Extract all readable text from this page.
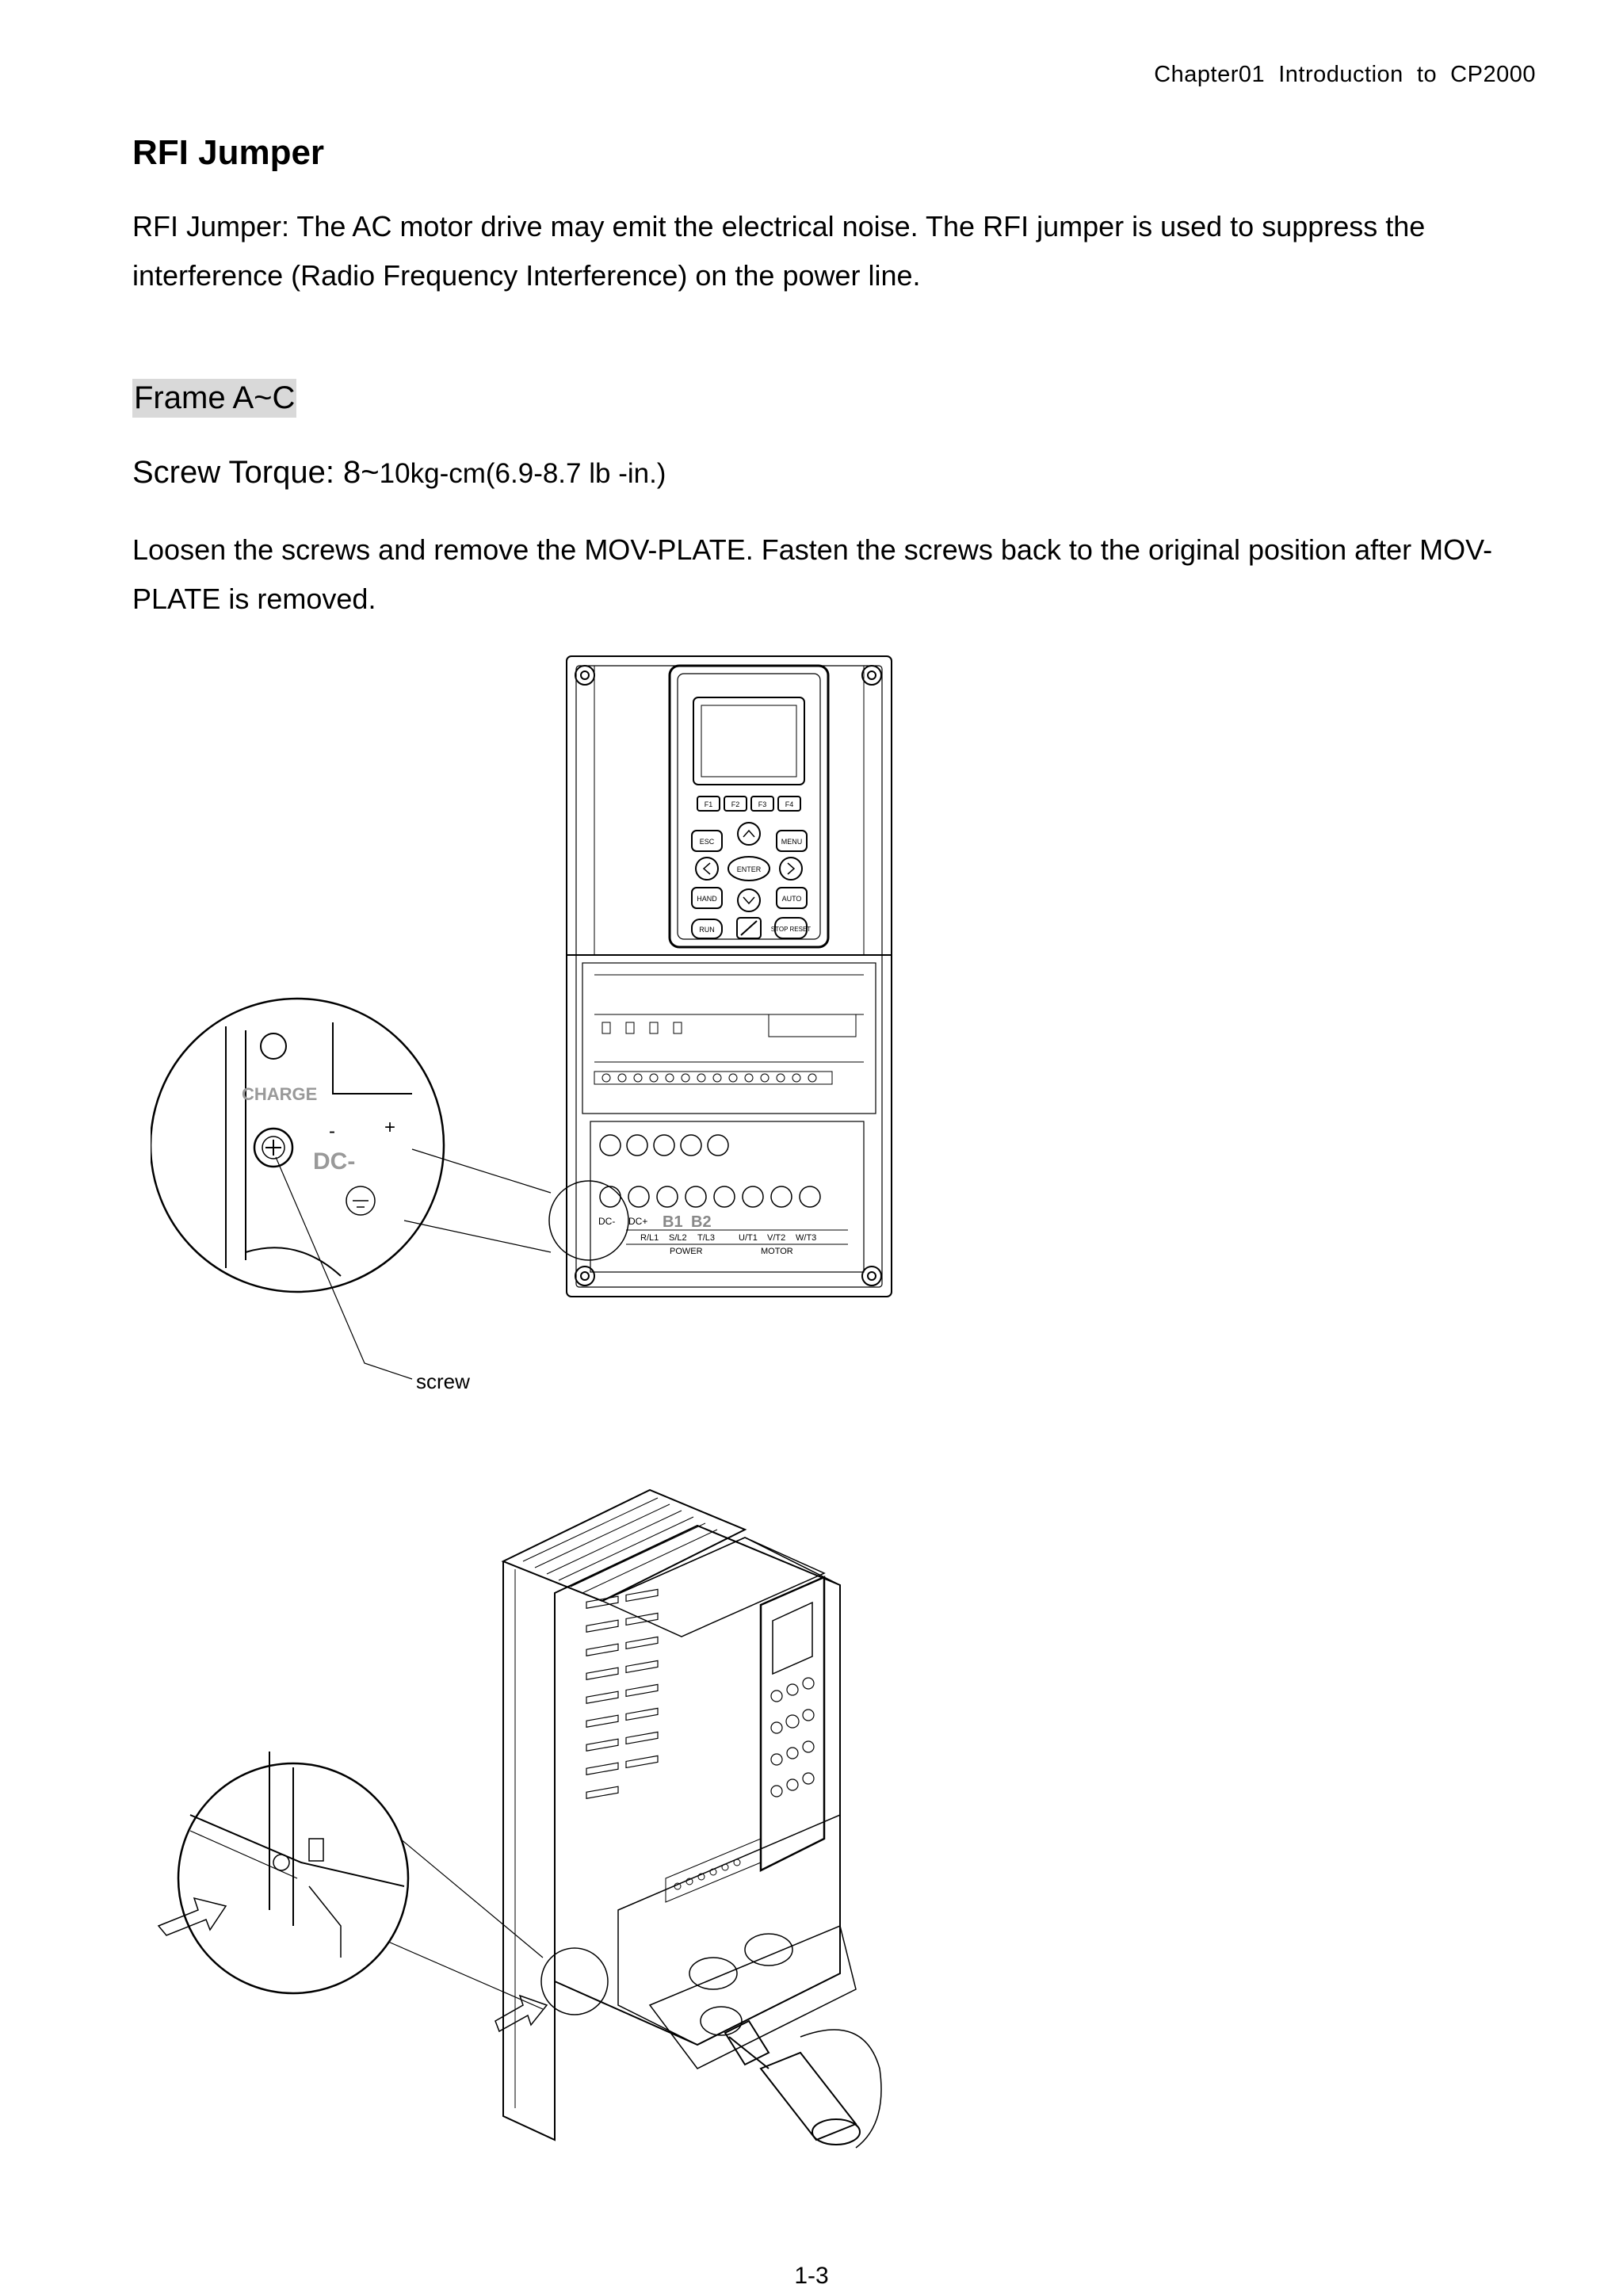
Chapter01  Introduction  to  CP2000
RFI Jumper

RFI Jumper: The AC motor drive may emit the electrical noise. The RFI jumper is used to suppress the interference (Radio Frequency Interference) on the power line.

Frame A~C
Screw Torque: 8~10kg-cm(6.9-8.7 lb -in.)

Loosen the screws and remove the MOV-PLATE. Fasten the screws back to the original position after MOV-PLATE is removed.

F1	F2	F3	F4
ESC	MENU
ENTER
HAND	AUTO
RUN	STOP RESET
DC- DC+ B1 B2
R/L1 S/L2 T/L3	U/T1 V/T2 W/T3
POWER	MOTOR
CHARGE
DC-
-	+
screw
1-3
